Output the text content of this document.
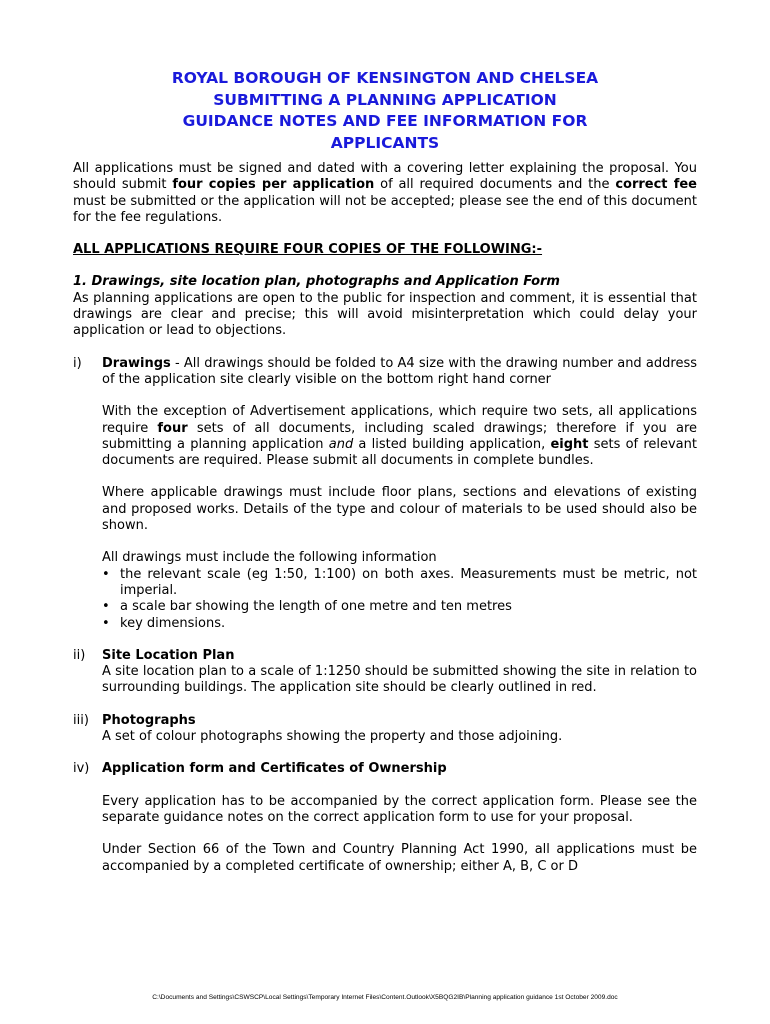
ROYAL BOROUGH OF KENSINGTON AND CHELSEA
SUBMITTING A PLANNING APPLICATION
GUIDANCE NOTES AND FEE INFORMATION FOR
APPLICANTS

All applications must be signed and dated with a covering letter explaining the proposal. You should submit four copies per application of all required documents and the correct fee must be submitted or the application will not be accepted; please see the end of this document for the fee regulations.

ALL APPLICATIONS REQUIRE FOUR COPIES OF THE FOLLOWING:-

1. Drawings, site location plan, photographs and Application Form

As planning applications are open to the public for inspection and comment, it is essential that drawings are clear and precise; this will avoid misinterpretation which could delay your application or lead to objections.

i) Drawings - All drawings should be folded to A4 size with the drawing number and address of the application site clearly visible on the bottom right hand corner

With the exception of Advertisement applications, which require two sets, all applications require four sets of all documents, including scaled drawings; therefore if you are submitting a planning application and a listed building application, eight sets of relevant documents are required. Please submit all documents in complete bundles.

Where applicable drawings must include floor plans, sections and elevations of existing and proposed works. Details of the type and colour of materials to be used should also be shown.

All drawings must include the following information

• the relevant scale (eg 1:50, 1:100) on both axes. Measurements must be metric, not imperial.
• a scale bar showing the length of one metre and ten metres
• key dimensions.
ii) Site Location Plan

A site location plan to a scale of 1:1250 should be submitted showing the site in relation to surrounding buildings. The application site should be clearly outlined in red.

iii) Photographs

A set of colour photographs showing the property and those adjoining.

iv) Application form and Certificates of Ownership

Every application has to be accompanied by the correct application form. Please see the separate guidance notes on the correct application form to use for your proposal.

Under Section 66 of the Town and Country Planning Act 1990, all applications must be accompanied by a completed certificate of ownership; either A, B, C or D

C:\Documents and Settings\CSWSCP\Local Settings\Temporary Internet Files\Content.Outlook\X5BQG2IB\Planning application guidance 1st October 2009.doc
